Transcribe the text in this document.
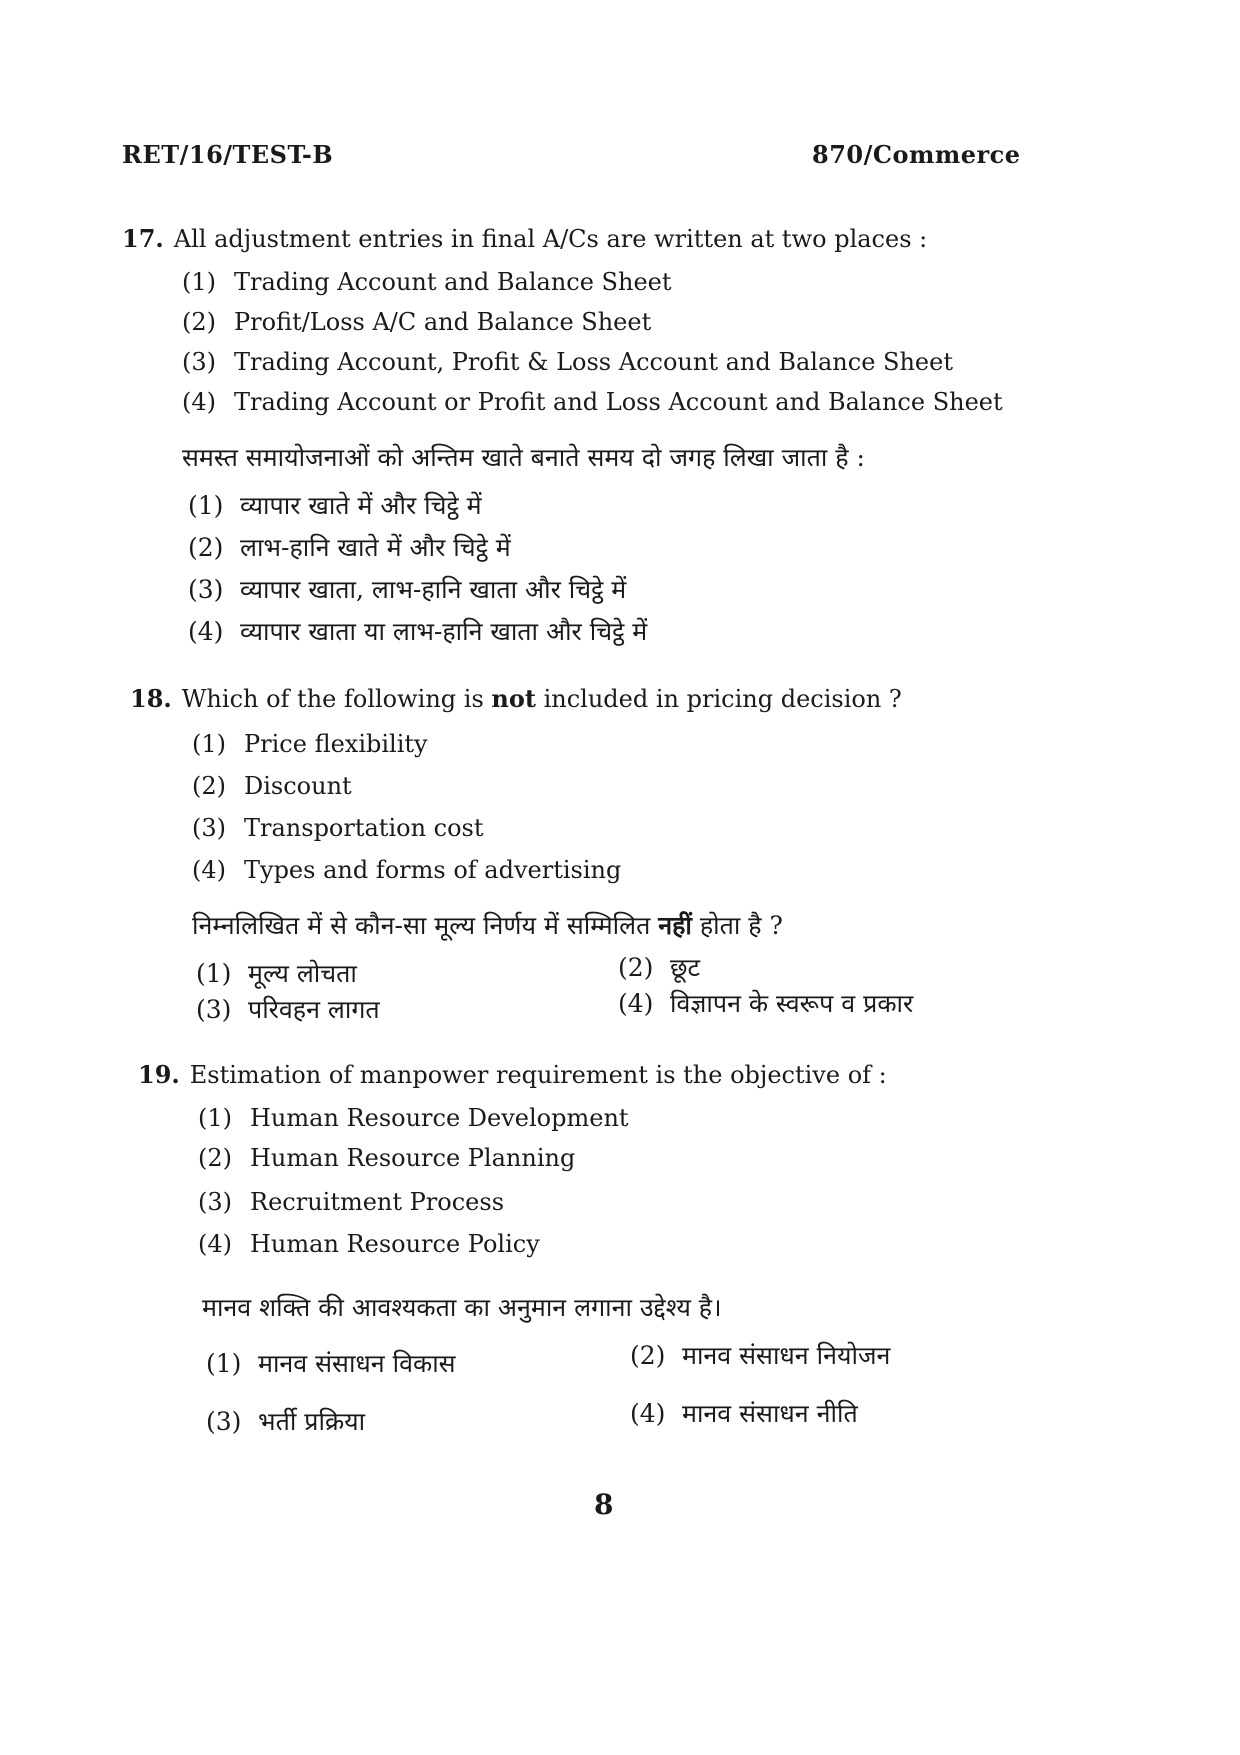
RET/16/TEST-B	870/Commerce
17. All adjustment entries in final A/Cs are written at two places :
(1) Trading Account and Balance Sheet
(2) Profit/Loss A/C and Balance Sheet
(3) Trading Account, Profit & Loss Account and Balance Sheet
(4) Trading Account or Profit and Loss Account and Balance Sheet
समस्त समायोजनाओं को अन्तिम खाते बनाते समय दो जगह लिखा जाता है :
(1) व्यापार खाते में और चिट्ठे में
(2) लाभ-हानि खाते में और चिट्ठे में
(3) व्यापार खाता, लाभ-हानि खाता और चिट्ठे में
(4) व्यापार खाता या लाभ-हानि खाता और चिट्ठे में
18. Which of the following is not included in pricing decision ?
(1) Price flexibility
(2) Discount
(3) Transportation cost
(4) Types and forms of advertising
निम्नलिखित में से कौन-सा मूल्य निर्णय में सम्मिलित नहीं होता है ?
(1) मूल्य लोचता	(2) छूट
(3) परिवहन लागत	(4) विज्ञापन के स्वरूप व प्रकार
19. Estimation of manpower requirement is the objective of :
(1) Human Resource Development
(2) Human Resource Planning
(3) Recruitment Process
(4) Human Resource Policy
मानव शक्ति की आवश्यकता का अनुमान लगाना उद्देश्य है।
(1) मानव संसाधन विकास	(2) मानव संसाधन नियोजन
(3) भर्ती प्रक्रिया	(4) मानव संसाधन नीति
8
